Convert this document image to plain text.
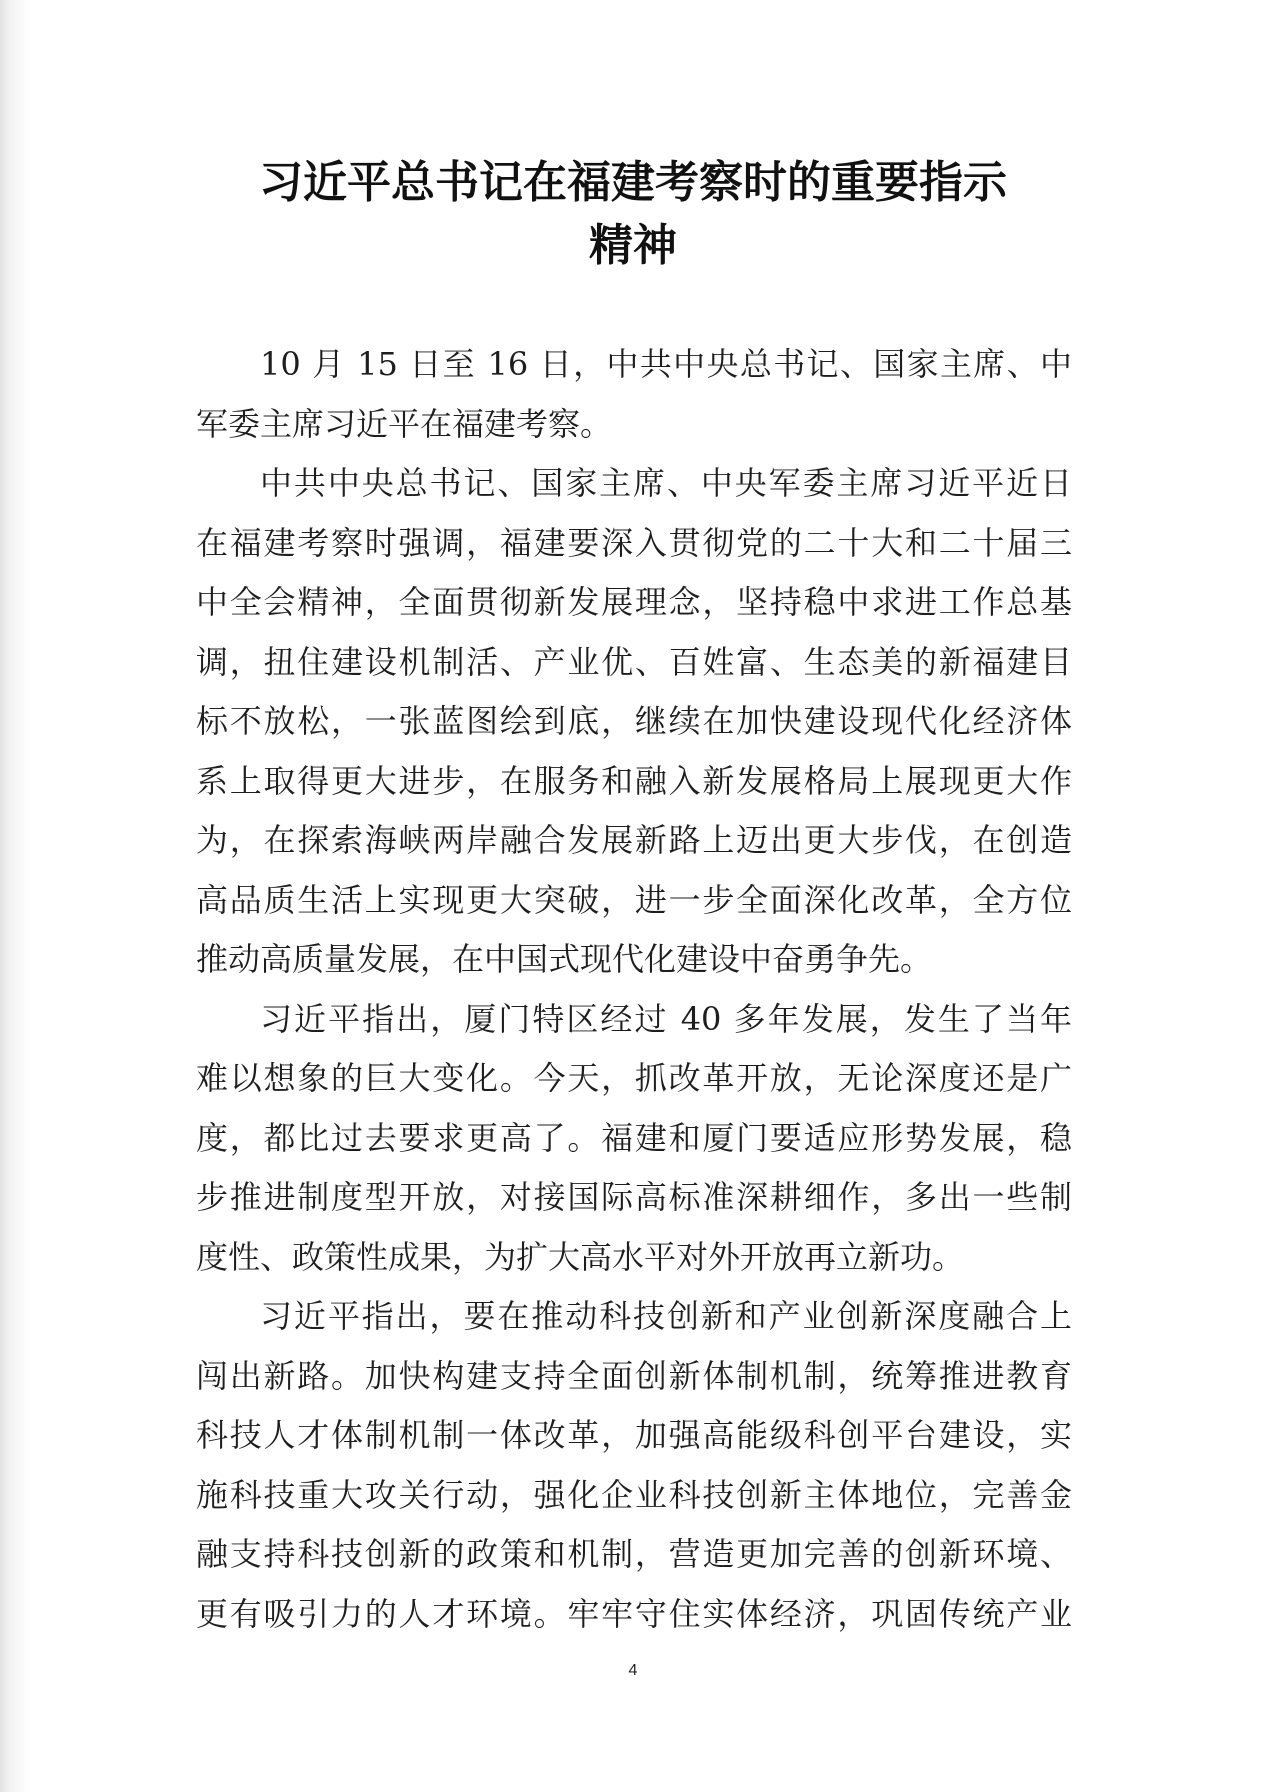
习近平总书记在福建考察时的重要指示
精神
10 月 15 日至 16 日，中共中央总书记、国家主席、中
军委主席习近平在福建考察。
中共中央总书记、国家主席、中央军委主席习近平近日
在福建考察时强调，福建要深入贯彻党的二十大和二十届三
中全会精神，全面贯彻新发展理念，坚持稳中求进工作总基
调，扭住建设机制活、产业优、百姓富、生态美的新福建目
标不放松，一张蓝图绘到底，继续在加快建设现代化经济体
系上取得更大进步，在服务和融入新发展格局上展现更大作
为，在探索海峡两岸融合发展新路上迈出更大步伐，在创造
高品质生活上实现更大突破，进一步全面深化改革，全方位
推动高质量发展，在中国式现代化建设中奋勇争先。
习近平指出，厦门特区经过 40 多年发展，发生了当年
难以想象的巨大变化。今天，抓改革开放，无论深度还是广
度，都比过去要求更高了。福建和厦门要适应形势发展，稳
步推进制度型开放，对接国际高标准深耕细作，多出一些制
度性、政策性成果，为扩大高水平对外开放再立新功。
习近平指出，要在推动科技创新和产业创新深度融合上
闯出新路。加快构建支持全面创新体制机制，统筹推进教育
科技人才体制机制一体改革，加强高能级科创平台建设，实
施科技重大攻关行动，强化企业科技创新主体地位，完善金
融支持科技创新的政策和机制，营造更加完善的创新环境、
更有吸引力的人才环境。牢牢守住实体经济，巩固传统产业
4
